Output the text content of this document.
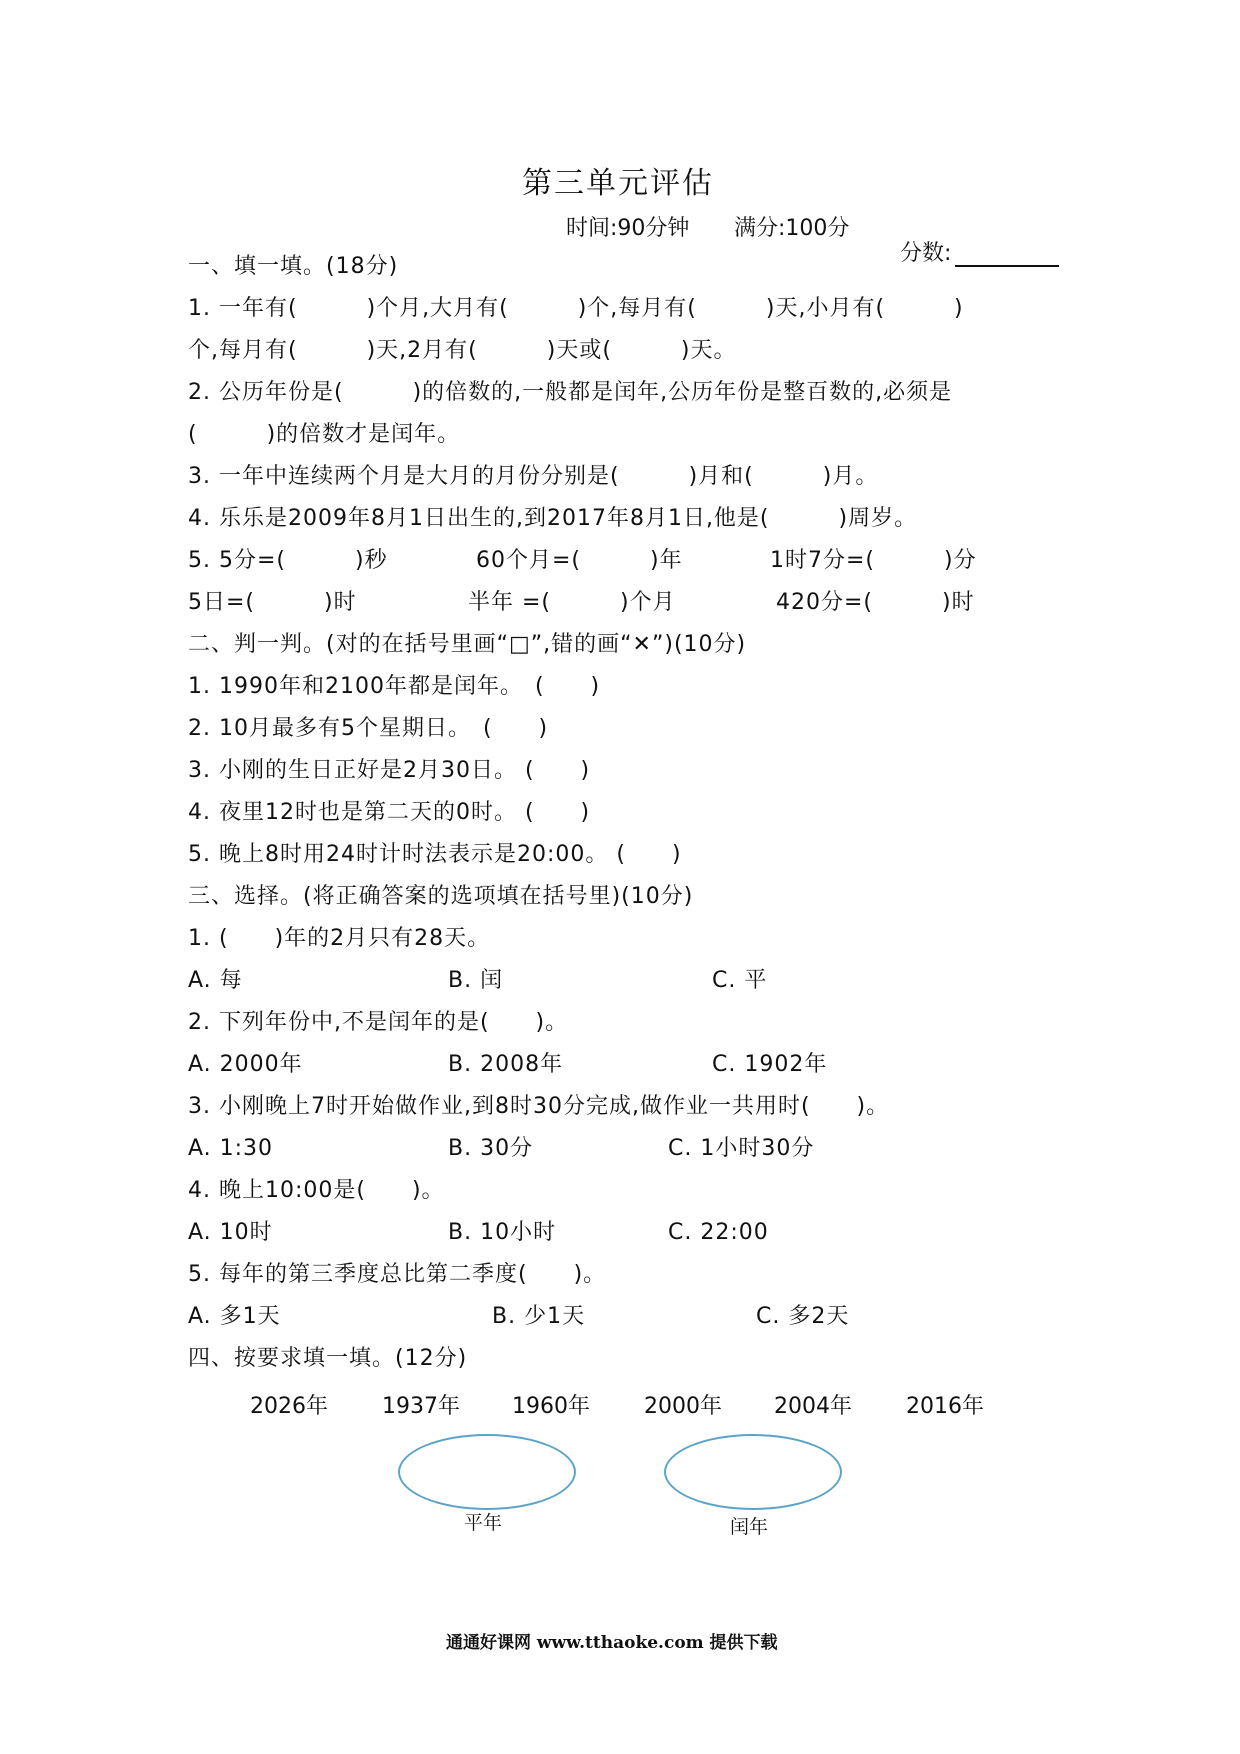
第三单元评估
时间:90分钟 满分:100分

分数:

一、填一填。(18分)
1. 一年有(　　　)个月,大月有(　　　)个,每月有(　　　)天,小月有(　　　)
个,每月有(　　　)天,2月有(　　　)天或(　　　)天。
2. 公历年份是(　　　)的倍数的,一般都是闰年,公历年份是整百数的,必须是
(　　　)的倍数才是闰年。
3. 一年中连续两个月是大月的月份分别是(　　　)月和(　　　)月。
4. 乐乐是2009年8月1日出生的,到2017年8月1日,他是(　　　)周岁。
5. 5分=(　　　)秒	60个月=(　　　)年	1时7分=(　　　)分
5日=(　　　)时	半年 =(　　　)个月	420分=(　　　)时
二、判一判。(对的在括号里画“□”,错的画“✕”)(10分)
1. 1990年和2100年都是闰年。　(　　)
2. 10月最多有5个星期日。　(　　)
3. 小刚的生日正好是2月30日。 (　　)
4. 夜里12时也是第二天的0时。 (　　)
5. 晚上8时用24时计时法表示是20:00。 (　　)
三、选择。(将正确答案的选项填在括号里)(10分)
1. (　　)年的2月只有28天。
A. 每	B. 闰	C. 平
2. 下列年份中,不是闰年的是(　　)。
A. 2000年	B. 2008年	C. 1902年
3. 小刚晚上7时开始做作业,到8时30分完成,做作业一共用时(　　)。
A. 1:30	B. 30分	C. 1小时30分
4. 晚上10:00是(　　)。
A. 10时	B. 10小时	C. 22:00
5. 每年的第三季度总比第二季度(　　)。
A. 多1天	B. 少1天	C. 多2天
四、按要求填一填。(12分)
2026年 1937年 1960年 2000年 2004年 2016年
平年	闰年
通通好课网 www.tthaoke.com 提供下载
